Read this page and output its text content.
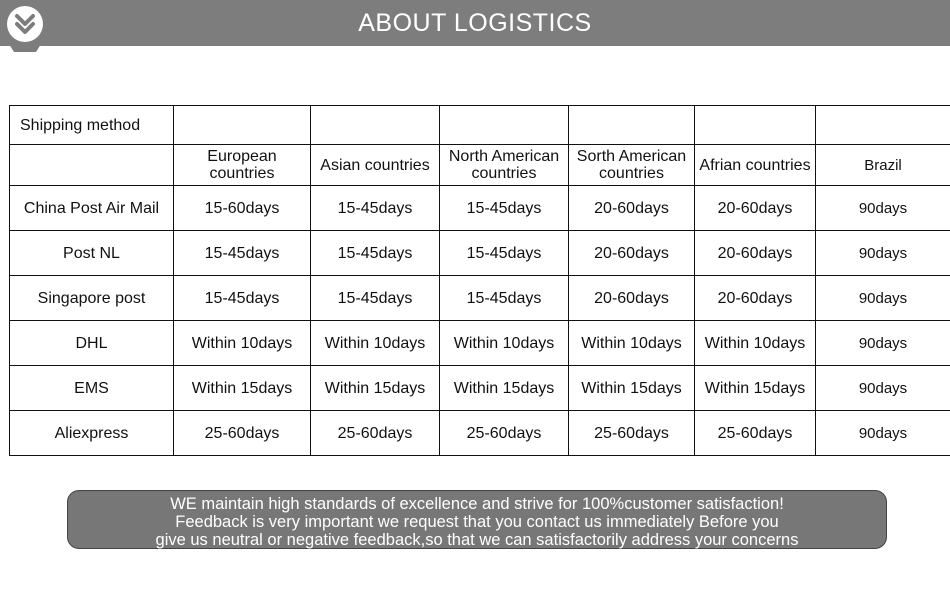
ABOUT LOGISTICS
Shipping method						
	European countries	Asian countries	North American countries	Sorth American countries	Afrian countries	Brazil
China Post Air Mail	15-60days	15-45days	15-45days	20-60days	20-60days	90days
Post NL	15-45days	15-45days	15-45days	20-60days	20-60days	90days
Singapore post	15-45days	15-45days	15-45days	20-60days	20-60days	90days
DHL	Within 10days	Within 10days	Within 10days	Within 10days	Within 10days	90days
EMS	Within 15days	Within 15days	Within 15days	Within 15days	Within 15days	90days
Aliexpress	25-60days	25-60days	25-60days	25-60days	25-60days	90days
WE maintain high standards of excellence and strive for 100%customer satisfaction!
Feedback is very important we request that you contact us immediately Before you
give us neutral or negative feedback,so that we can satisfactorily address your concerns
